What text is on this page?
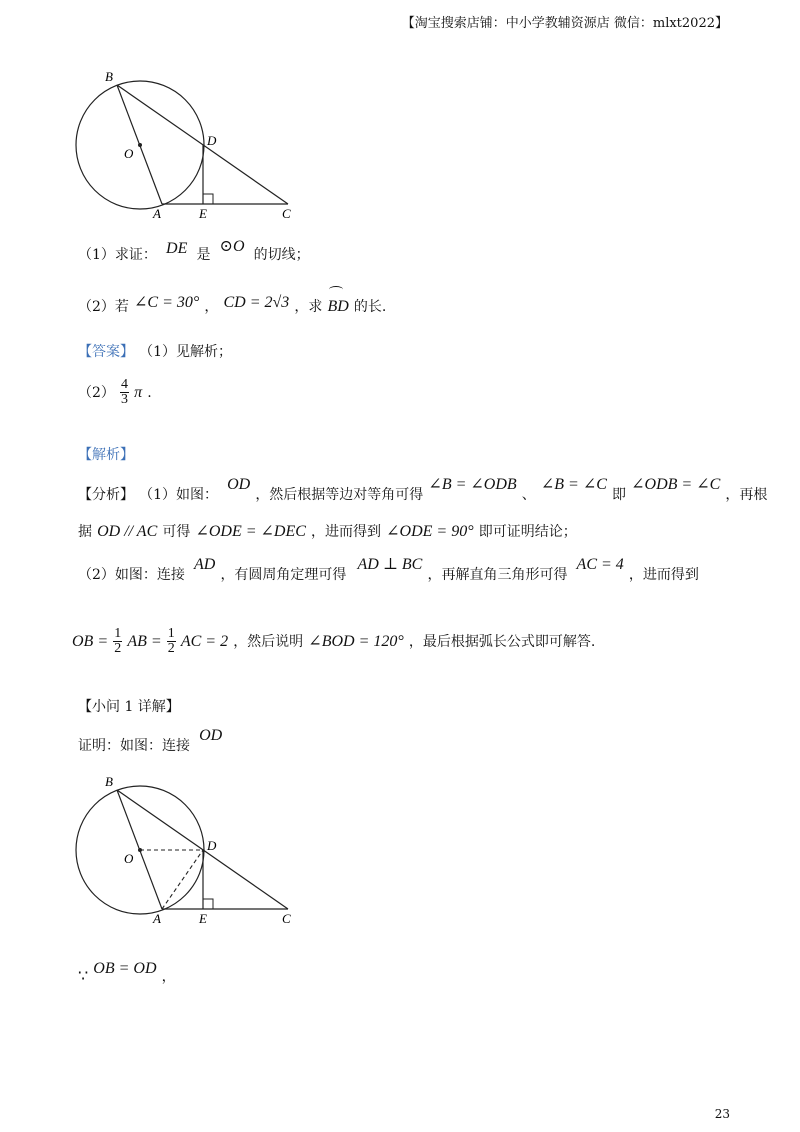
【淘宝搜索店铺：中小学教辅资源店 微信：mlxt2022】
B
O
D
A	E	C
（1）求证： DE 是 ⊙O 的切线；
（2）若 ∠C = 30° ， CD = 2√3 ，求 BD 的长.
【答案】 （1）见解析；
$(2) \frac{4}{3}$ π .
【解析】
【分析】 （1）如图： OD ，然后根据等边对等角可得 ∠B = ∠ODB 、 ∠B = ∠C 即 ∠ODB = ∠C ，再根
据 OD // AC 可得 ∠ODE = ∠DEC ，进而得到 ∠ODE = 90° 即可证明结论；
（2）如图：连接 AD ，有圆周角定理可得 AD ⊥ BC ，再解直角三角形可得 AC = 4 ，进而得到
OB = $\frac{1}{2}$ AB = $\frac{1}{2}$ AC = 2 ，然后说明 ∠BOD = 120° ，最后根据弧长公式即可解答.
【小问 1 详解】
证明：如图：连接 OD
B
O
D
A	E	C
∵ OB = OD ，
23
